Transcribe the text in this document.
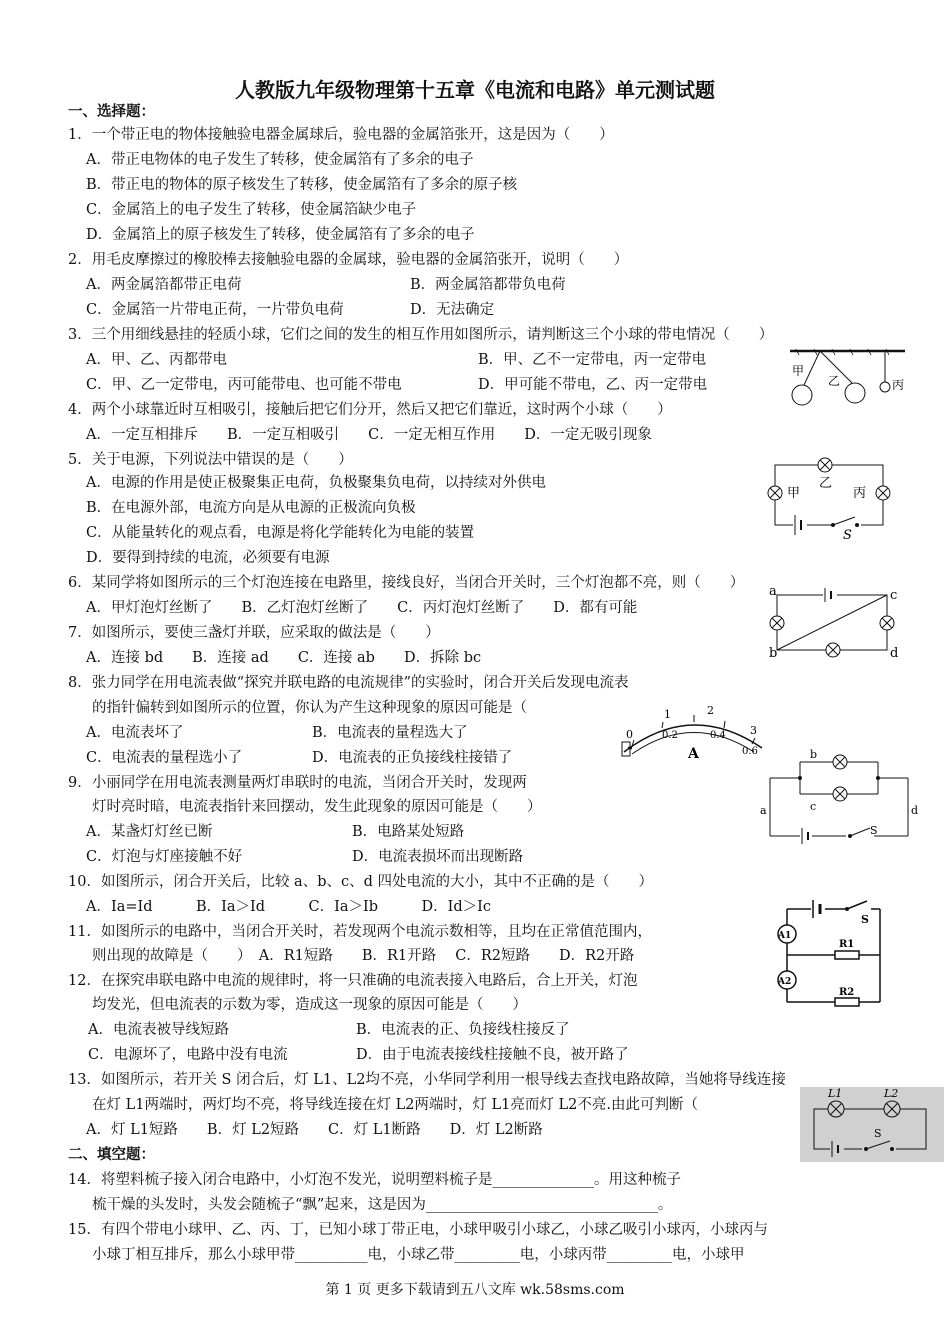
人教版九年级物理第十五章《电流和电路》单元测试题
一、选择题：
二、填空题：
1．一个带正电的物体接触验电器金属球后，验电器的金属箔张开，这是因为（　　）
A．带正电物体的电子发生了转移，使金属箔有了多余的电子
B．带正电的物体的原子核发生了转移，使金属箔有了多余的原子核
C．金属箔上的电子发生了转移，使金属箔缺少电子
D．金属箔上的原子核发生了转移，使金属箔有了多余的电子
2．用毛皮摩擦过的橡胶棒去接触验电器的金属球，验电器的金属箔张开，说明（　　）
A．两金属箔都带正电荷	B．两金属箔都带负电荷
C．金属箔一片带电正荷，一片带负电荷	D．无法确定
3．三个用细线悬挂的轻质小球，它们之间的发生的相互作用如图所示，请判断这三个小球的带电情况（　　）
A．甲、乙、丙都带电	B．甲、乙不一定带电，丙一定带电
C．甲、乙一定带电，丙可能带电、也可能不带电	D．甲可能不带电，乙、丙一定带电
4．两个小球靠近时互相吸引，接触后把它们分开，然后又把它们靠近，这时两个小球（　　）
A．一定互相排斥　　B．一定互相吸引　　C．一定无相互作用　　D．一定无吸引现象
5．关于电源，下列说法中错误的是（　　）
A．电源的作用是使正极聚集正电荷，负极聚集负电荷，以持续对外供电
B．在电源外部，电流方向是从电源的正极流向负极
C．从能量转化的观点看，电源是将化学能转化为电能的装置
D．要得到持续的电流，必须要有电源
6．某同学将如图所示的三个灯泡连接在电路里，接线良好，当闭合开关时，三个灯泡都不亮，则（　　）
A．甲灯泡灯丝断了　　B．乙灯泡灯丝断了　　C．丙灯泡灯丝断了　　D．都有可能
7．如图所示，要使三盏灯并联，应采取的做法是（　　）
A．连接 bd　　B．连接 ad　　C．连接 ab　　D．拆除 bc
8．张力同学在用电流表做“探究并联电路的电流规律”的实验时，闭合开关后发现电流表
的指针偏转到如图所示的位置，你认为产生这种现象的原因可能是（
A．电流表坏了	B．电流表的量程选大了
C．电流表的量程选小了	D．电流表的正负接线柱接错了
9．小丽同学在用电流表测量两灯串联时的电流，当闭合开关时，发现两
灯时亮时暗，电流表指针来回摆动，发生此现象的原因可能是（　　）
A．某盏灯灯丝已断	B．电路某处短路
C．灯泡与灯座接触不好	D．电流表损坏而出现断路
10．如图所示，闭合开关后，比较 a、b、c、d 四处电流的大小，其中不正确的是（　　）
A．Ia=Id　　　B．Ia＞Id　　　C．Ia＞Ib　　　D．Id＞Ic
11．如图所示的电路中，当闭合开关时，若发现两个电流示数相等，且均在正常值范围内，
则出现的故障是（　　）　A．R1短路　　B．R1开路　 C．R2短路　　D．R2开路
12．在探究串联电路中电流的规律时，将一只准确的电流表接入电路后，合上开关，灯泡
均发光，但电流表的示数为零，造成这一现象的原因可能是（　　）
A．电流表被导线短路	B．电流表的正、负接线柱接反了
C．电源坏了，电路中没有电流	D．由于电流表接线柱接触不良，被开路了
13．如图所示，若开关 S 闭合后，灯 L1、L2均不亮，小华同学利用一根导线去查找电路故障，当她将导线连接
在灯 L1两端时，两灯均不亮，将导线连接在灯 L2两端时，灯 L1亮而灯 L2不亮.由此可判断（
A．灯 L1短路　　B．灯 L2短路　　C．灯 L1断路　　D．灯 L2断路
14．将塑料梳子接入闭合电路中，小灯泡不发光，说明塑料梳子是______________。用这种梳子
梳干燥的头发时，头发会随梳子“飘”起来，这是因为________________________________。
15．有四个带电小球甲、乙、丙、丁，已知小球丁带正电，小球甲吸引小球乙，小球乙吸引小球丙，小球丙与
小球丁相互排斥，那么小球甲带__________电，小球乙带_________电，小球丙带_________电，小球甲
甲
乙	丙
乙
甲	丙
S
a	c
b	d
0
1	2
3
0.2	0.4
0.6
A	b
c
a	d
S
S
A1
A2
R1
R2
L1	L2
S
第 1 页 更多下载请到五八文库 wk.58sms.com
